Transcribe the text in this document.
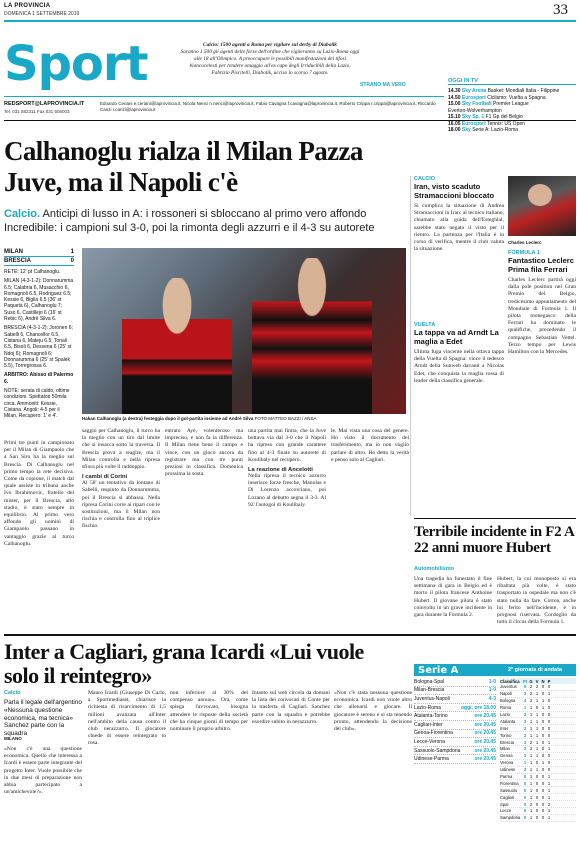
LA PROVINCIA
DOMENICA 1 SETTEMBRE 2019	33
Sport	Calcio: 1500 agenti a Roma per vigilare sul derby di Diabolik
Saranno 1.500 gli agenti delle forze dell'ordine che vigileranno su Lazio-Roma oggi alle 18 all'Olimpico. A preoccupare le possibili manifestazioni dei tifosi biancocelesti per rendere omaggio all'ex capo degli Irriducibili della Lazio, Fabrizio Piscitelli, Diabolik, ucciso lo scorso 7 agosto.
STRANO MA VERO
OGGI IN TV
14.30 Sky Arena Basket: Mondiali Italia - Filippine
14.50 Eurosport Ciclismo: Vuelta a Spagna
15.00 Sky Football Premier League
Everton-Wolverhampton
15.10 Sky Sp. 1 F1 Gp del Belgio
16.05 Eurosport Tennis: US Open
18.00 Sky Serie A: Lazio-Roma
REDSPORT@LAPROVINCIA.IT
Tel. 031 582311 Fax 031 505003
Edoardo Ceriani e.ceriani@laprovincia.it, Nicola Nenci n.nenci@laprovincia.it, Fabio Cavagna f.cavagna@laprovincia.it, Roberto Crippa r.crippa@laprovincia.it, Riccardo Canzi r.canzi@laprovincia.it
Calhanoglu rialza il Milan Pazza Juve, ma il Napoli c'è
Calcio. Anticipi di lusso in A: i rossoneri si sbloccano al primo vero affondo Incredibile: i campioni sul 3-0, poi la rimonta degli azzurri e il 4-3 su autorete
MILAN	1
BRESCIA	0

RETE: 12' pt Calhanoglu.

MILAN (4-3-1-2): Donnarumma 6.5; Calabria 6, Musacchio 6, Romagnoli 6.5, Rodriguez 6.5; Kessie 6, Biglia 6.5 (36' st Paquetà 6), Calhanoglu 7; Suso 6, Castillejo 6 (16' st Rebic 6), André Silva 6.

BRESCIA (4-3-1-2): Joronen 6; Sabelli 6, Chancellor 6.5, Cistana 6, Mateju 6.5; Tonali 6.5, Bisoli 6, Dessena 6 (25' st Ndoj 6); Romagnoli 6; Donnarumma 6 (25' st Spalek 5.5), Torregrossa 6.

ARBITRO: Abisso di Palermo 6.

NOTE: serata di caldo, ottime condizioni. Spettatori 50mila circa. Ammoniti: Kessie, Cistana. Angoli: 4-5 per il Milan. Recupero: 1' e 4'.	Hakan Calhanoglu (a destra) festeggia dopo il gol-partita insieme ad André Silva FOTO MATTEO BAZZI / ANSA
Primi tre punti in campionato per il Milan di Giampaolo che a San Siro ha la meglio sul Brescia. Di Calhanoglu nel primo tempo la rete decisiva. Come da copione, il match dal quale assiste in tribuna anche Ivo Ibrahimovic, fratello del mister, per il Brescia, allo stadio, è stato sempre in equilibrio. Al primo vero affondo gli uomini di Giampaolo passano in vantaggio grazie al turco Calhanoglu.
saggio per Calhanoglu, il turco ha la meglio con un tiro dal limite che si insacca sotto la traversa. Il Brescia prova a reagire, ma il Milan controlla e nella ripresa sfiora più volte il raddoppio.
I cambi di Corini
Al 58' un tentativo da lontano di Sabelli, respinto da Donnarumma, poi il Brescia si abbassa. Nella ripresa Corini corre ai ripari con le sostituzioni, ma il Milan non rischia e controlla fino al triplice fischio.
entrato Ayè, volenteroso ma impreciso, e non fa la differenza. Il Milan tiene bene il campo e vince, con un gioco ancora da registrare ma con tre punti preziosi in classifica. Domenica prossima la sosta.
una partita mai finita, che la Juve buttava via dal 3-0 che il Napoli ha ripreso con grande carattere fino al 4-3 finale su autorete di Koulibaly nel recupero.
La reazione di Ancelotti
Nella ripresa il tecnico azzurro inserisce forze fresche, Manolas e Di Lorenzo accorciano, poi Lozano al debutto segna il 3-3. Al 92' l'autogol di Koulibaly.
le. Mai vista una cosa del genere. Ho visto il documento del trasferimento, ma io non voglio parlare di altro. Ho detto la verità e penso solo al Cagliari.
CALCIO
Iran, visto scaduto Stramaccioni bloccato
Si complica la situazione di Andrea Stramaccioni in Iran: al tecnico italiano, chiamato alla guida dell'Esteghlal, sarebbe stato negato il visto per il rientro. La partenza per l'Italia è in corso di verifica, mentre il club valuta la situazione.
VUELTA
La tappa va ad Arndt La maglia a Edet
Ultima fuga vincente nella ottava tappa della Vuelta di Spagna: vince il tedesco Arndt della Sunweb davanti a Nicolas Edet, che conquista la maglia rossa di leader della classifica generale.
Charles Leclerc
FORMULA 1
Fantastico Leclerc Prima fila Ferrari
Charles Leclerc partirà oggi dalla pole position nel Gran Premio del Belgio, tredicesimo appuntamento del Mondiale di Formula 1. Il pilota monegasco della Ferrari ha dominato le qualifiche, precedendo il compagno Sebastian Vettel. Terzo tempo per Lewis Hamilton con la Mercedes.
Terribile incidente in F2 A 22 anni muore Hubert
Automobilismo
Una tragedia ha funestato il fine settimana di gara in Belgio ed è morto il pilota francese Anthoine Hubert. Il giovane pilota è stato coinvolto in un grave incidente in gara durante la Formula 2.
Hubert, la cui monoposto si era ribaltata più volte, è stato trasportato in ospedale ma non c'è stato nulla da fare. Correa, anche lui ferito nell'incidente, è in prognosi riservata. Cordoglio da tutto il circus della Formula 1.
Inter a Cagliari, grana Icardi «Lui vuole solo il reintegro»
Calcio
Parla il legale dell'argentino «Nessuna questione economica, ma tecnica» Sanchez parte con la squadra
MILANO
«Non c'è una questione economica. Quello che interessa a Icardi è essere parte integrante del progetto Inter. Vuole possibile che in due mesi di preparazione non abbia partecipato a un'amichevole?».
Mauro Icardi (Giuseppe Di Carlo, a Sportmediaset, chiarisce la richiesta di risarcimento di 1,5 milioni avanzata all'Inter nell'ambito della causa contro il club nerazzurro. Il giocatore chiede di essere reintegrato in rosa.
non inferiore al 30% del compenso annuo». Ora, come spiega l'avvocato, bisogna attendere le risposte della società che ha cinque giorni di tempo per nominare il proprio arbitro.
Intanto sul web circola da domani la lista dei convocati di Conte per la trasferta di Cagliari. Sanchez parte con la squadra e potrebbe esordire subito in nerazzurro.
«Non c'è stata nessuna questione economica. Icardi non vuole altro che allenarsi e giocare. Il giocatore è sereno e si sta tenendo pronto, attendendo la decisione del club».
Serie A	2ª giornata di andata
Bologna-Spal	1-0
Milan-Brescia	1-0
Juventus-Napoli	4-3
Lazio-Roma	oggi, ore 18.00
Atalanta-Torino	ore 20.45
Cagliari-Inter	ore 20.45
Genoa-Fiorentina	ore 20.45
Lecce-Verona	ore 20.45
Sassuolo-Sampdoria	ore 20.45
Udinese-Parma	ore 20.45
Classifica Pt G V N P
Juventus	6 2 2 0 0
Napoli	3 2 1 0 1
Bologna	4 2 1 1 0
Roma	1 1 0 1 0
Lazio	3 1 1 0 0
Atalanta	3 1 1 0 0
Inter	3 1 1 0 0
Torino	3 1 1 0 0
Brescia	3 2 1 0 1
Milan	3 2 1 0 1
Genoa	3 1 1 0 0
Verona	1 1 0 1 0
Udinese	3 1 1 0 0
Parma	0 1 0 0 1
Fiorentina	0 1 0 0 1
Sassuolo	0 1 0 0 1
Cagliari	0 1 0 0 1
Spal	0 2 0 0 2
Lecce	0 1 0 0 1
Sampdoria 0 1 0 0 1
